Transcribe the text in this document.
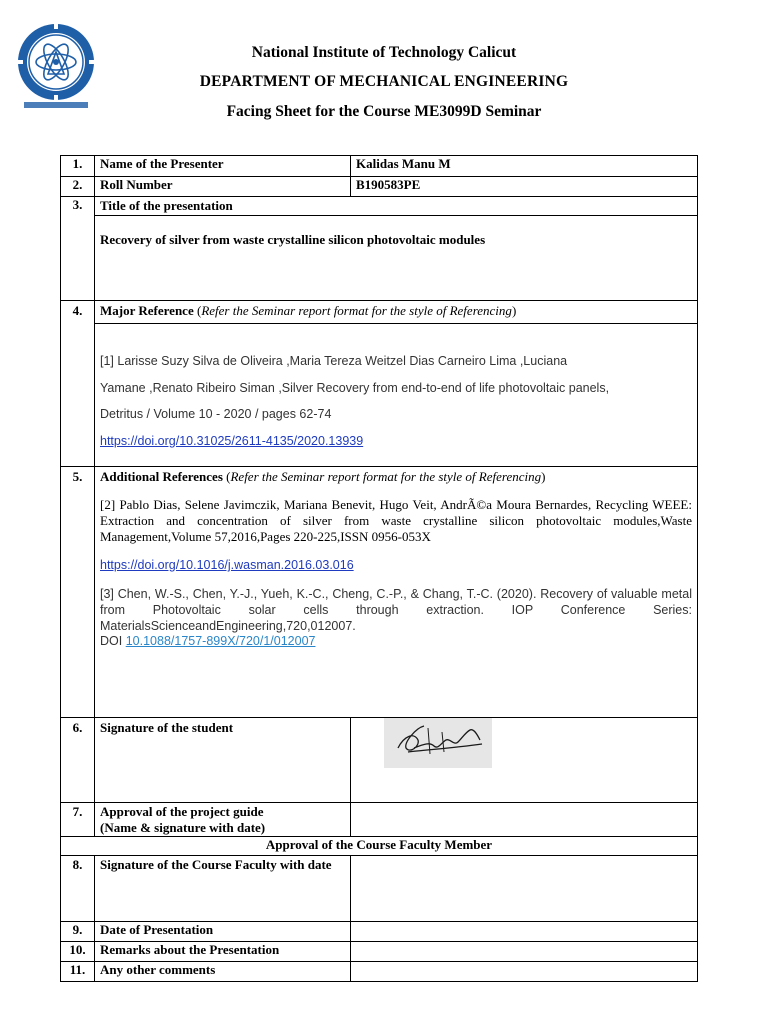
National Institute of Technology Calicut
DEPARTMENT OF MECHANICAL ENGINEERING
Facing Sheet for the Course ME3099D Seminar
1.	Name of the Presenter	Kalidas Manu M
2.	Roll Number	B190583PE
3.	Title of the presentation
Recovery of silver from waste crystalline silicon photovoltaic modules	

4.	Major Reference (Refer the Seminar report format for the style of Referencing)
[1] Larisse Suzy Silva de Oliveira ,Maria Tereza Weitzel Dias Carneiro Lima ,Luciana
Yamane ,Renato Ribeiro Siman ,Silver Recovery from end-to-end of life photovoltaic panels,
Detritus / Volume 10 - 2020 / pages 62-74
https://doi.org/10.31025/2611-4135/2020.13939	

5.	Additional References (Refer the Seminar report format for the style of Referencing)
[2] Pablo Dias, Selene Javimczik, Mariana Benevit, Hugo Veit, AndrÃ©a Moura Bernardes, Recycling WEEE: Extraction and concentration of silver from waste crystalline silicon photovoltaic modules,Waste Management,Volume 57,2016,Pages 220-225,ISSN 0956-053X
https://doi.org/10.1016/j.wasman.2016.03.016
[3] Chen, W.-S., Chen, Y.-J., Yueh, K.-C., Cheng, C.-P., & Chang, T.-C. (2020). Recovery of valuable metal from Photovoltaic solar cells through extraction. IOP Conference Series: MaterialsScienceandEngineering,720,012007.
DOI 10.1088/1757-899X/720/1/012007	

6.	Signature of the student	

7.	Approval of the project guide
(Name & signature with date)	

Approval of the Course Faculty Member		
8.	Signature of the Course Faculty with date	
9.	Date of Presentation	
10.	Remarks about the Presentation	
11.	Any other comments	
